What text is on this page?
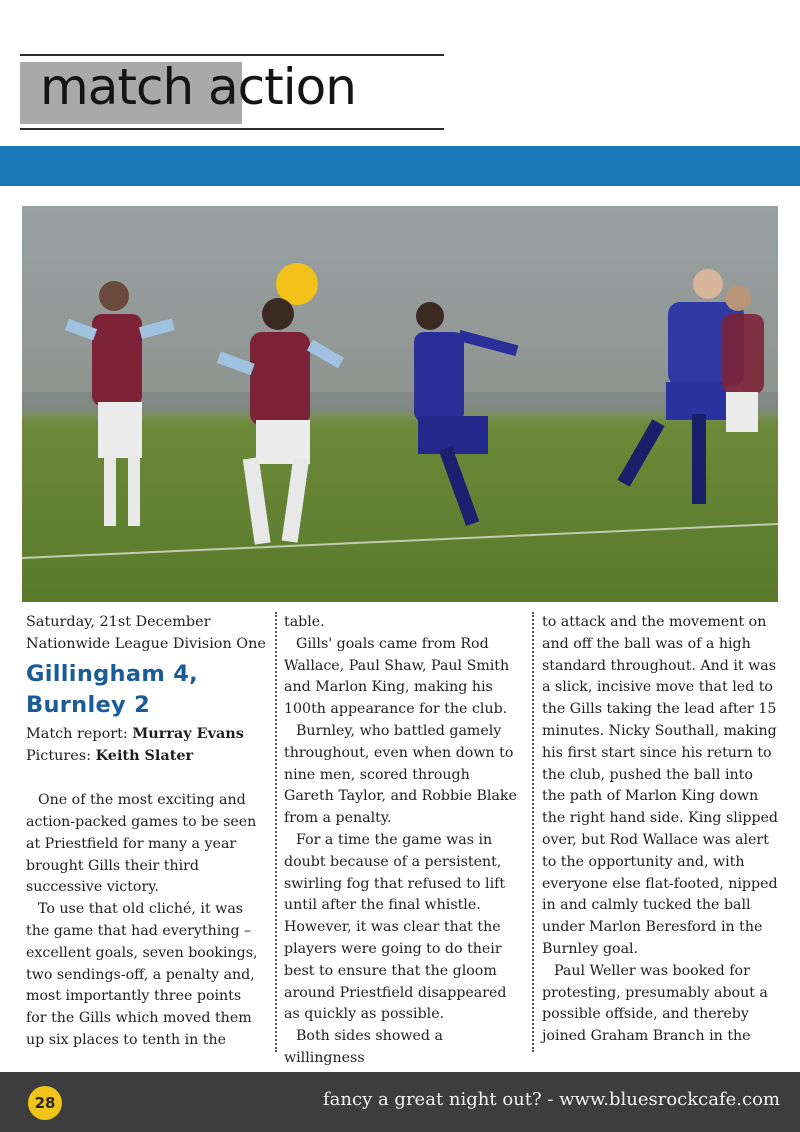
match action
Saturday, 21st December
Nationwide League Division One
Gillingham 4,
Burnley 2
Match report: Murray Evans
Pictures: Keith Slater

One of the most exciting and action-packed games to be seen at Priestfield for many a year brought Gills their third successive victory.

To use that old cliché, it was the game that had everything – excellent goals, seven bookings, two sendings-off, a penalty and, most importantly three points for the Gills which moved them up six places to tenth in the

table.

Gills' goals came from Rod Wallace, Paul Shaw, Paul Smith and Marlon King, making his 100th appearance for the club.

Burnley, who battled gamely throughout, even when down to nine men, scored through Gareth Taylor, and Robbie Blake from a penalty.

For a time the game was in doubt because of a persistent, swirling fog that refused to lift until after the final whistle. However, it was clear that the players were going to do their best to ensure that the gloom around Priestfield disappeared as quickly as possible.

Both sides showed a willingness

to attack and the movement on and off the ball was of a high standard throughout. And it was a slick, incisive move that led to the Gills taking the lead after 15 minutes. Nicky Southall, making his first start since his return to the club, pushed the ball into the path of Marlon King down the right hand side. King slipped over, but Rod Wallace was alert to the opportunity and, with everyone else flat-footed, nipped in and calmly tucked the ball under Marlon Beresford in the Burnley goal.

Paul Weller was booked for protesting, presumably about a possible offside, and thereby joined Graham Branch in the

28	fancy a great night out? - www.bluesrockcafe.com
